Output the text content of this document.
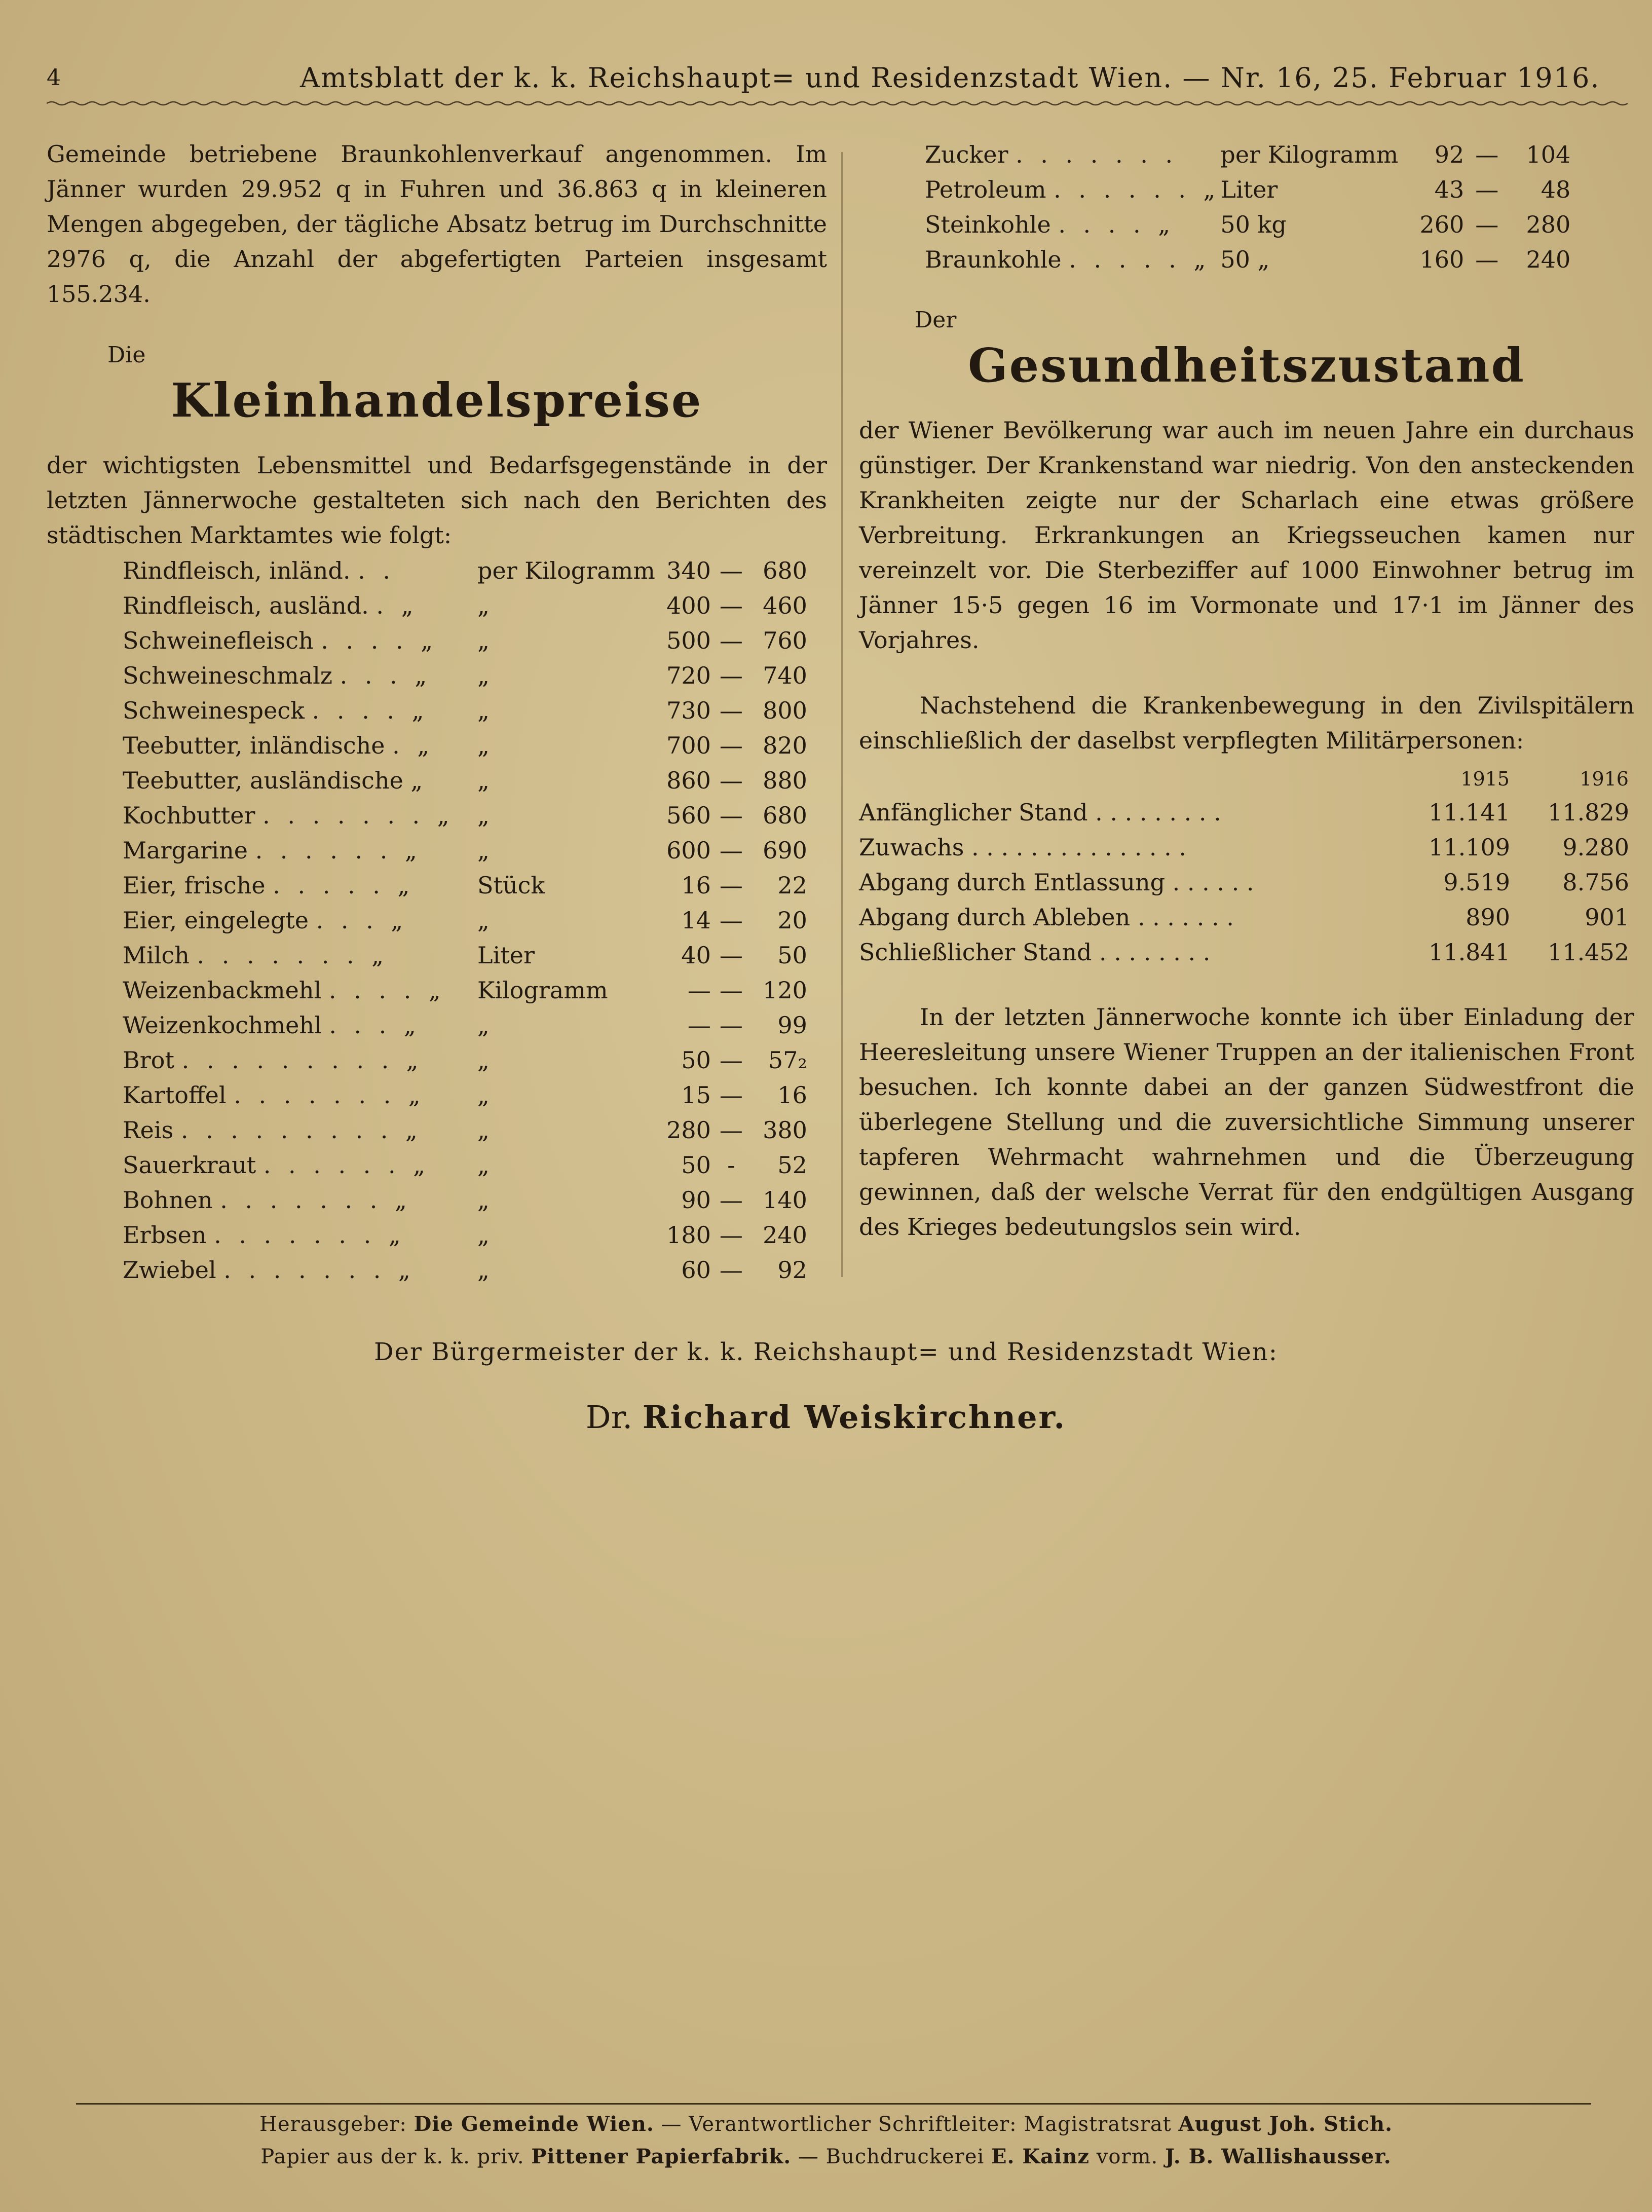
4	Amtsblatt der k. k. Reichshaupt= und Residenzstadt Wien. — Nr. 16, 25. Februar 1916.

Gemeinde betriebene Braunkohlenverkauf angenommen. Im Jänner wurden 29.952 q in Fuhren und 36.863 q in kleineren Mengen abgegeben, der tägliche Absatz betrug im Durchschnitte 2976 q, die Anzahl der abgefertigten Parteien insgesamt 155.234.

Die

Kleinhandelspreise

der wichtigsten Lebensmittel und Bedarfsgegenstände in der letzten Jännerwoche gestalteten sich nach den Berichten des städtischen Marktamtes wie folgt:

Rindfleisch, inländ. . .	per Kilogramm	340	—	680
Rindfleisch, ausländ. . „	„	400	—	460
Schweinefleisch . . . . „	„	500	—	760
Schweineschmalz . . . „	„	720	—	740
Schweinespeck . . . . „	„	730	—	800
Teebutter, inländische . „	„	700	—	820
Teebutter, ausländische „	„	860	—	880
Kochbutter . . . . . . . „	„	560	—	680
Margarine . . . . . . „	„	600	—	690
Eier, frische . . . . . „	Stück	16	—	22
Eier, eingelegte . . . „	„	14	—	20
Milch . . . . . . . „	Liter	40	—	50
Weizenbackmehl . . . . „	Kilogramm	—	—	120
Weizenkochmehl . . . „	„	—	—	99
Brot . . . . . . . . . „	„	50	—	57₂
Kartoffel . . . . . . . „	„	15	—	16
Reis . . . . . . . . . „	„	280	—	380
Sauerkraut . . . . . . „	„	50	-	52
Bohnen . . . . . . . „	„	90	—	140
Erbsen . . . . . . . „	„	180	—	240
Zwiebel . . . . . . . „	„	60	—	92
Zucker . . . . . . .	per Kilogramm	92	—	104
Petroleum . . . . . . „	Liter	43	—	48
Steinkohle . . . . „	50 kg	260	—	280
Braunkohle . . . . . „	50 „	160	—	240

Der

Gesundheitszustand

der Wiener Bevölkerung war auch im neuen Jahre ein durchaus günstiger. Der Krankenstand war niedrig. Von den ansteckenden Krankheiten zeigte nur der Scharlach eine etwas größere Verbreitung. Erkrankungen an Kriegsseuchen kamen nur vereinzelt vor. Die Sterbeziffer auf 1000 Einwohner betrug im Jänner 15·5 gegen 16 im Vormonate und 17·1 im Jänner des Vorjahres.

Nachstehend die Krankenbewegung in den Zivilspitälern einschließlich der daselbst verpflegten Militärpersonen:

	1915	1916
Anfänglicher Stand . . . . . . . . .	11.141	11.829
Zuwachs . . . . . . . . . . . . . . .	11.109	9.280
Abgang durch Entlassung . . . . . .	9.519	8.756
Abgang durch Ableben . . . . . . .	890	901
Schließlicher Stand . . . . . . . .	11.841	11.452

In der letzten Jännerwoche konnte ich über Einladung der Heeresleitung unsere Wiener Truppen an der italienischen Front besuchen. Ich konnte dabei an der ganzen Südwestfront die überlegene Stellung und die zuversichtliche Simmung unserer tapferen Wehrmacht wahrnehmen und die Überzeugung gewinnen, daß der welsche Verrat für den endgültigen Ausgang des Krieges bedeutungslos sein wird.

Der Bürgermeister der k. k. Reichshaupt= und Residenzstadt Wien:
Dr. Richard Weiskirchner.
Herausgeber: Die Gemeinde Wien. — Verantwortlicher Schriftleiter: Magistratsrat August Joh. Stich.
Papier aus der k. k. priv. Pittener Papierfabrik. — Buchdruckerei E. Kainz vorm. J. B. Wallishausser.
